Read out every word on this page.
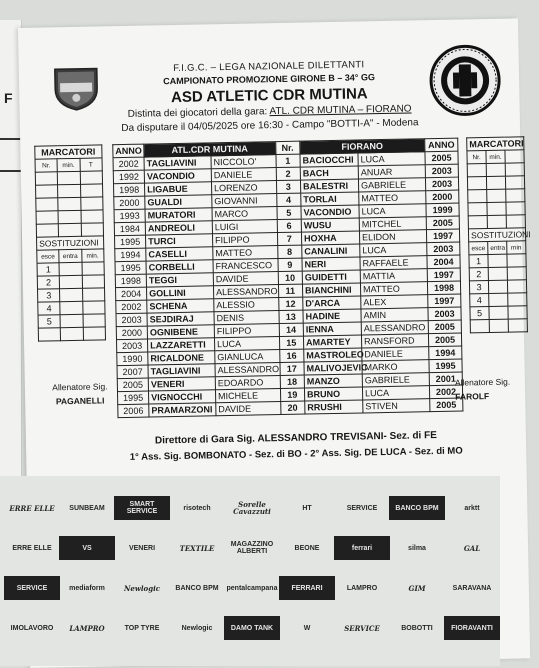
F
F.I.G.C. – LEGA NAZIONALE DILETTANTI
CAMPIONATO PROMOZIONE GIRONE B – 34° GG
ASD ATLETIC CDR MUTINA
Distinta dei giocatori della gara: ATL. CDR MUTINA – FIORANO
Da disputare il 04/05/2025 ore 16:30 - Campo "BOTTI-A" - Modena
MARCATORI				ANNO	ATL.CDR MUTINA		Nr.	FIORANO		ANNO		MARCATORI		
Nr.	min.	T		2002	TAGLIAVINI	NICCOLO'	1	BACIOCCHI	LUCA	2005		Nr.	min.	
				1992	VACONDIO	DANIELE	2	BACH	ANUAR	2003				
				1998	LIGABUE	LORENZO	3	BALESTRI	GABRIELE	2003				
				2000	GUALDI	GIOVANNI	4	TORLAI	MATTEO	2000				
				1993	MURATORI	MARCO	5	VACONDIO	LUCA	1999				
				1984	ANDREOLI	LUIGI	6	WUSU	MITCHEL	2005				
SOSTITUZIONI				1995	TURCI	FILIPPO	7	HOXHA	ELIDON	1997		SOSTITUZIONI		
esce	entra	min.		1994	CASELLI	MATTEO	8	CANALINI	LUCA	2003		esce	entra	min
1				1995	CORBELLI	FRANCESCO	9	NERI	RAFFAELE	2004		1		
2				1998	TEGGI	DAVIDE	10	GUIDETTI	MATTIA	1997		2		
3				2004	GOLLINI	ALESSANDRO	11	BIANCHINI	MATTEO	1998		3		
4				2002	SCHENA	ALESSIO	12	D'ARCA	ALEX	1997		4		
5				2003	SEJDIRAJ	DENIS	13	HADINE	AMIN	2003		5		
				2000	OGNIBENE	FILIPPO	14	IENNA	ALESSANDRO	2005				
				2003	LAZZARETTI	LUCA	15	AMARTEY	RANSFORD	2005				
				1990	RICALDONE	GIANLUCA	16	MASTROLEO	DANIELE	1994				
				2007	TAGLIAVINI	ALESSANDRO	17	MALIVOJEVIC	MARKO	1995				
				2005	VENERI	EDOARDO	18	MANZO	GABRIELE	2001				
				1995	VIGNOCCHI	MICHELE	19	BRUNO	LUCA	2002				
				2006	PRAMARZONI	DAVIDE	20	RRUSHI	STIVEN	2005				
Allenatore Sig.
PAGANELLI
Allenatore Sig.
FAROLF
Direttore di Gara Sig. ALESSANDRO TREVISANI- Sez. di FE
1° Ass. Sig. BOMBONATO - Sez. di BO - 2° Ass. Sig. DE LUCA - Sez. di MO
ERRE ELLE	SUNBEAM	SMART SERVICE	risotech	Sorelle Cavazzuti	HT	SERVICE	BANCO BPM	arktt
ERRE ELLE	VS	VENERI	TEXTILE	MAGAZZINO ALBERTI	BEONE	ferrari	silma	GAL
SERVICE	mediaform	Newlogic	BANCO BPM	pentalcampana	FERRARI	LAMPRO	GIM	SARAVANA
IMOLAVORO	LAMPRO	TOP TYRE	Newlogic	DAMO TANK	W	SERVICE	BOBOTTI	FIORAVANTI
